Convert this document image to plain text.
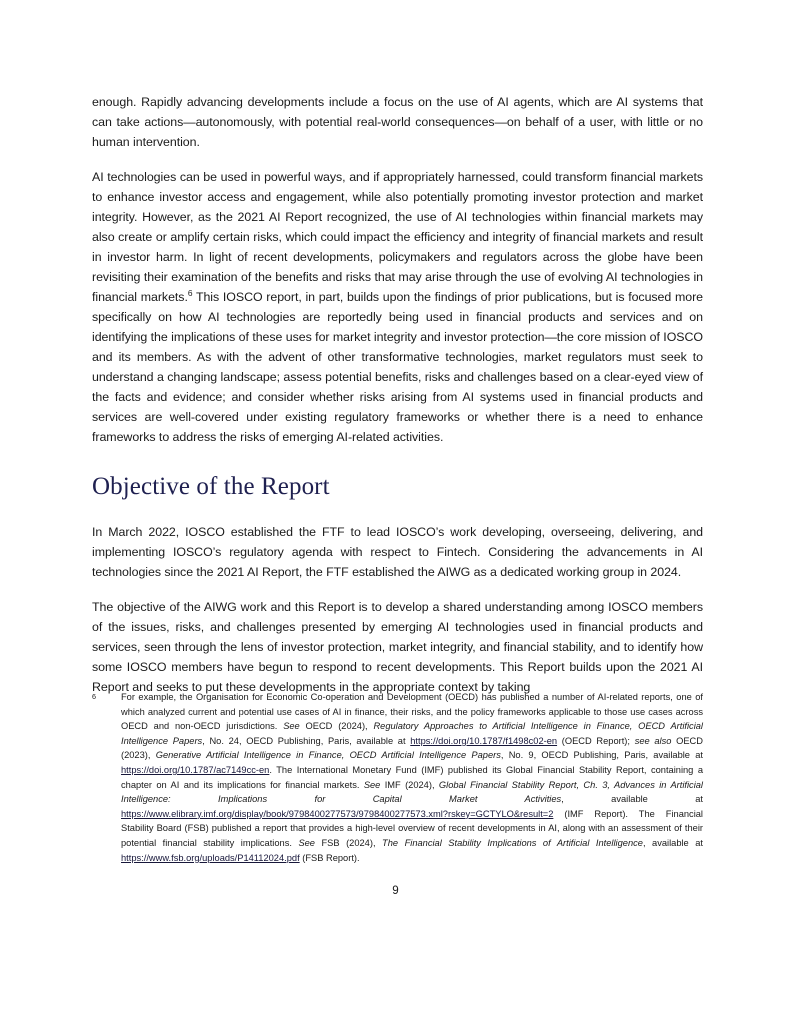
enough. Rapidly advancing developments include a focus on the use of AI agents, which are AI systems that can take actions—autonomously, with potential real-world consequences—on behalf of a user, with little or no human intervention.

AI technologies can be used in powerful ways, and if appropriately harnessed, could transform financial markets to enhance investor access and engagement, while also potentially promoting investor protection and market integrity. However, as the 2021 AI Report recognized, the use of AI technologies within financial markets may also create or amplify certain risks, which could impact the efficiency and integrity of financial markets and result in investor harm. In light of recent developments, policymakers and regulators across the globe have been revisiting their examination of the benefits and risks that may arise through the use of evolving AI technologies in financial markets.$^6$ This IOSCO report, in part, builds upon the findings of prior publications, but is focused more specifically on how AI technologies are reportedly being used in financial products and services and on identifying the implications of these uses for market integrity and investor protection—the core mission of IOSCO and its members. As with the advent of other transformative technologies, market regulators must seek to understand a changing landscape; assess potential benefits, risks and challenges based on a clear-eyed view of the facts and evidence; and consider whether risks arising from AI systems used in financial products and services are well-covered under existing regulatory frameworks or whether there is a need to enhance frameworks to address the risks of emerging AI-related activities.

Objective of the Report

In March 2022, IOSCO established the FTF to lead IOSCO’s work developing, overseeing, delivering, and implementing IOSCO’s regulatory agenda with respect to Fintech. Considering the advancements in AI technologies since the 2021 AI Report, the FTF established the AIWG as a dedicated working group in 2024.

The objective of the AIWG work and this Report is to develop a shared understanding among IOSCO members of the issues, risks, and challenges presented by emerging AI technologies used in financial products and services, seen through the lens of investor protection, market integrity, and financial stability, and to identify how some IOSCO members have begun to respond to recent developments. This Report builds upon the 2021 AI Report and seeks to put these developments in the appropriate context by taking

6	For example, the Organisation for Economic Co-operation and Development (OECD) has published a number of AI-related reports, one of which analyzed current and potential use cases of AI in finance, their risks, and the policy frameworks applicable to those use cases across OECD and non-OECD jurisdictions. See OECD (2024), Regulatory Approaches to Artificial Intelligence in Finance, OECD Artificial Intelligence Papers, No. 24, OECD Publishing, Paris, available at https://doi.org/10.1787/f1498c02-en (OECD Report); see also OECD (2023), Generative Artificial Intelligence in Finance, OECD Artificial Intelligence Papers, No. 9, OECD Publishing, Paris, available at https://doi.org/10.1787/ac7149cc-en. The International Monetary Fund (IMF) published its Global Financial Stability Report, containing a chapter on AI and its implications for financial markets. See IMF (2024), Global Financial Stability Report, Ch. 3, Advances in Artificial Intelligence: Implications for Capital Market Activities, available at https://www.elibrary.imf.org/display/book/9798400277573/9798400277573.xml?rskey=GCTYLO&result=2 (IMF Report). The Financial Stability Board (FSB) published a report that provides a high-level overview of recent developments in AI, along with an assessment of their potential financial stability implications. See FSB (2024), The Financial Stability Implications of Artificial Intelligence, available at https://www.fsb.org/uploads/P14112024.pdf (FSB Report).
9
